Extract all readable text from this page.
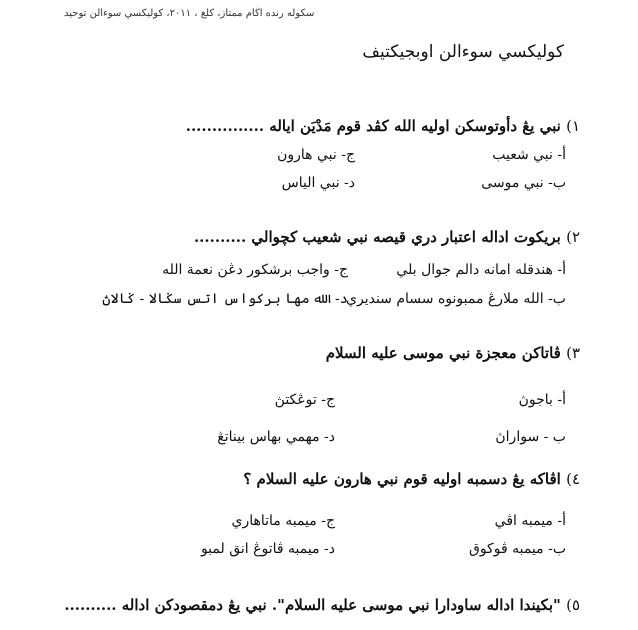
سكوله رنده اڬام ممتاز، كلغ ، ٢٠١١، كوليكسي سوءالن توحيد
كوليكسي سوءالن اوبجيكتيف
١) نبي يڠ دأوتوسكن اوليه الله كڤد قوم مَدْيَن اياله ...............
أ- نبي شعيب
ج- نبي هارون
ب- نبي موسى
د- نبي الياس
٢) بريكوت اداله اعتبار دري قيصه نبي شعيب كچوالي ..........
أ- هندقله امانه دالم جوال بلي
ج- واجب برشكور دڠن نعمة الله
ب- الله ملارڠ ممبونوه سسام سنديري
د- الله مها بركواس اتس سݢالا - ݢالاڽ
٣) ڤاتاكن معجزة نبي موسى عليه السلام
أ- باجوڽ
ج- توڠكتڽ
ب - سواراڽ
د- مهمي بهاس بيناتڠ
٤) اڤاكه يڠ دسمبه اوليه قوم نبي هارون عليه السلام ؟
أ- ميمبه اڤي
ج- ميمبه ماتاهاري
ب- ميمبه ڤوكوق
د- ميمبه ڤاتوڠ انق لمبو
٥) "بكيندا اداله ساودارا نبي موسى عليه السلام". نبي يڠ دمقصودكن اداله ..........
